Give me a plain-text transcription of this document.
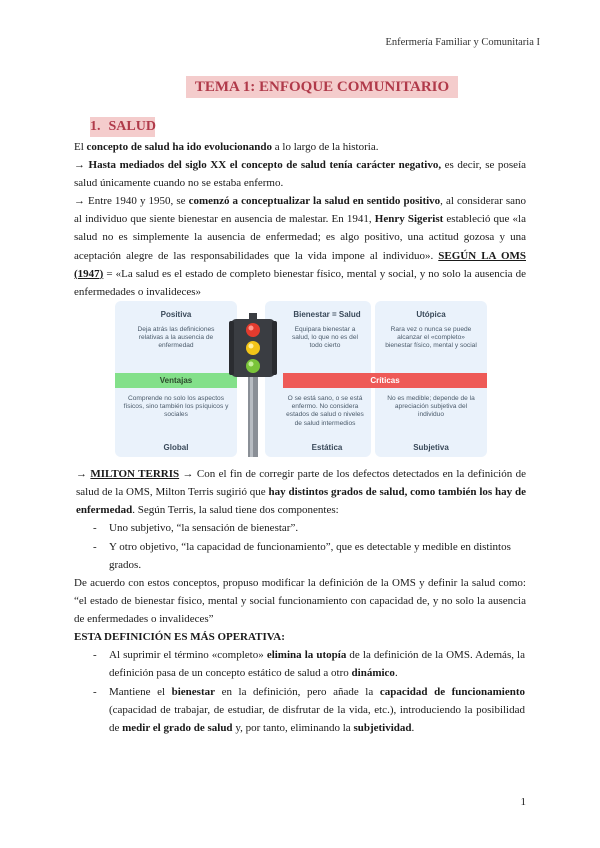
Enfermería Familiar y Comunitaria I
TEMA 1: ENFOQUE COMUNITARIO
1. SALUD

El concepto de salud ha ido evolucionando a lo largo de la historia.

→ Hasta mediados del siglo XX el concepto de salud tenía carácter negativo, es decir, se poseía salud únicamente cuando no se estaba enfermo.

→ Entre 1940 y 1950, se comenzó a conceptualizar la salud en sentido positivo, al considerar sano al individuo que siente bienestar en ausencia de malestar. En 1941, Henry Sigerist estableció que «la salud no es simplemente la ausencia de enfermedad; es algo positivo, una actitud gozosa y una aceptación alegre de las responsabilidades que la vida impone al individuo». SEGÚN LA OMS (1947) = «La salud es el estado de completo bienestar físico, mental y social, y no solo la ausencia de enfermedades o invalideces»

Positiva
Deja atrás las definiciones relativas a la ausencia de enfermedad
Comprende no solo los aspectos físicos, sino también los psíquicos y sociales
Global
Bienestar = Salud
Equipara bienestar a salud, lo que no es del todo cierto
O se está sano, o se está enfermo. No considera estados de salud o niveles de salud intermedios
Estática
Utópica
Rara vez o nunca se puede alcanzar el «completo» bienestar físico, mental y social
No es medible; depende de la apreciación subjetiva del individuo
Subjetiva
Ventajas	Críticas

→ MILTON TERRIS → Con el fin de corregir parte de los defectos detectados en la definición de salud de la OMS, Milton Terris sugirió que hay distintos grados de salud, como también los hay de enfermedad. Según Terris, la salud tiene dos componentes:

- Uno subjetivo, “la sensación de bienestar”.
- Y otro objetivo, “la capacidad de funcionamiento”, que es detectable y medible en distintos grados.

De acuerdo con estos conceptos, propuso modificar la definición de la OMS y definir la salud como: “el estado de bienestar físico, mental y social funcionamiento con capacidad de, y no solo la ausencia de enfermedades o invalideces”

ESTA DEFINICIÓN ES MÁS OPERATIVA:

- Al suprimir el término «completo» elimina la utopía de la definición de la OMS. Además, la definición pasa de un concepto estático de salud a otro dinámico.
- Mantiene el bienestar en la definición, pero añade la capacidad de funcionamiento (capacidad de trabajar, de estudiar, de disfrutar de la vida, etc.), introduciendo la posibilidad de medir el grado de salud y, por tanto, eliminando la subjetividad.
1
